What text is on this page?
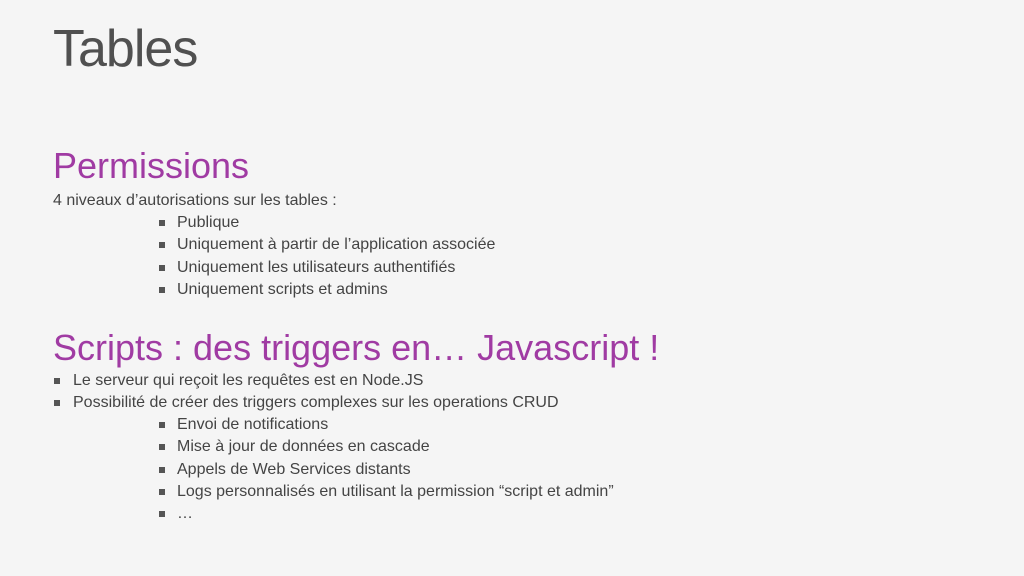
Tables
Permissions
4 niveaux d’autorisations sur les tables :
Publique
Uniquement à partir de l’application associée
Uniquement les utilisateurs authentifiés
Uniquement scripts et admins
Scripts : des triggers en… Javascript !
Le serveur qui reçoit les requêtes est en Node.JS
Possibilité de créer des triggers complexes sur les operations CRUD
Envoi de notifications
Mise à jour de données en cascade
Appels de Web Services distants
Logs personnalisés en utilisant la permission “script et admin”
…
